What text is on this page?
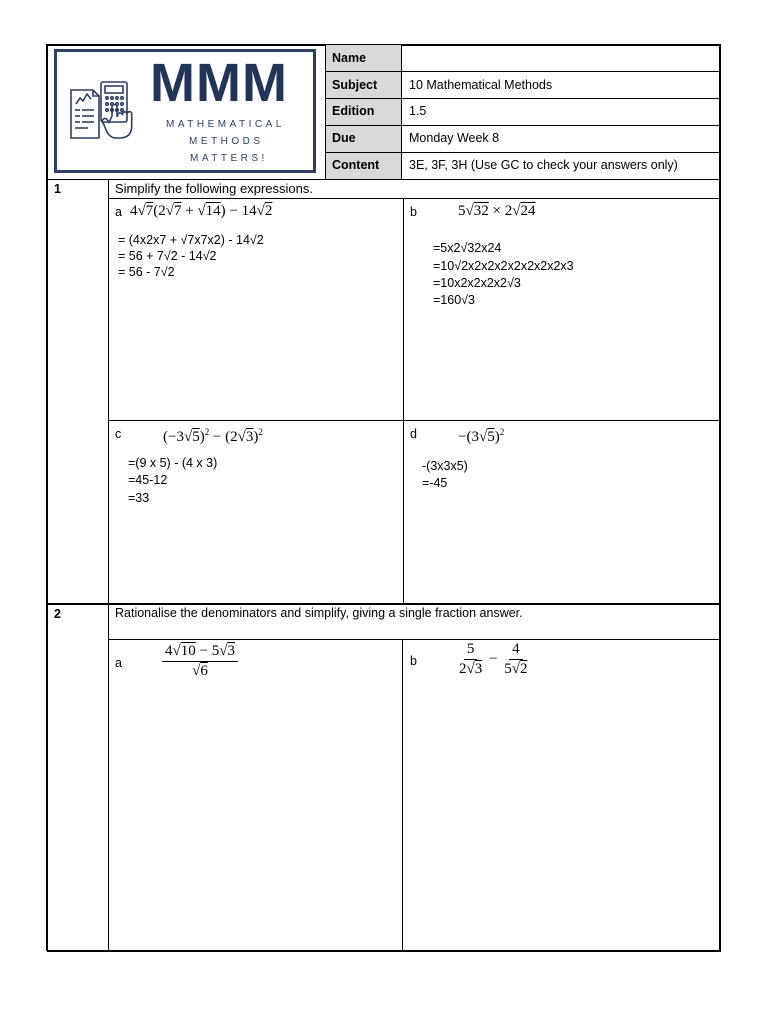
MMM
MATHEMATICAL
METHODS
MATTERS!
Name
Subject	10 Mathematical Methods
Edition	1.5
Due	Monday Week 8
Content 3E, 3F, 3H (Use GC to check your answers only)
1	Simplify the following expressions.
a 4√7(2√7 + √14) − 14√2
= (4x2x7 + √7x7x2) - 14√2
= 56 + 7√2 - 14√2
= 56 - 7√2
b	5√32 × 2√24
=5x2√32x24
=10√2x2x2x2x2x2x2x2x3
=10x2x2x2x2√3
=160√3
c	$(-3√5)^2 - (2√3)^2$
=(9 x 5) - (4 x 3)
=45-12
=33
d	$-(3√5)^2$
-(3x3x5)
=-45
2	Rationalise the denominators and simplify, giving a single fraction answer.
a	$\frac{4√10 - 5√3}{√6}$	b	$\frac{5}{2√3} - \frac{4}{5√2}$
